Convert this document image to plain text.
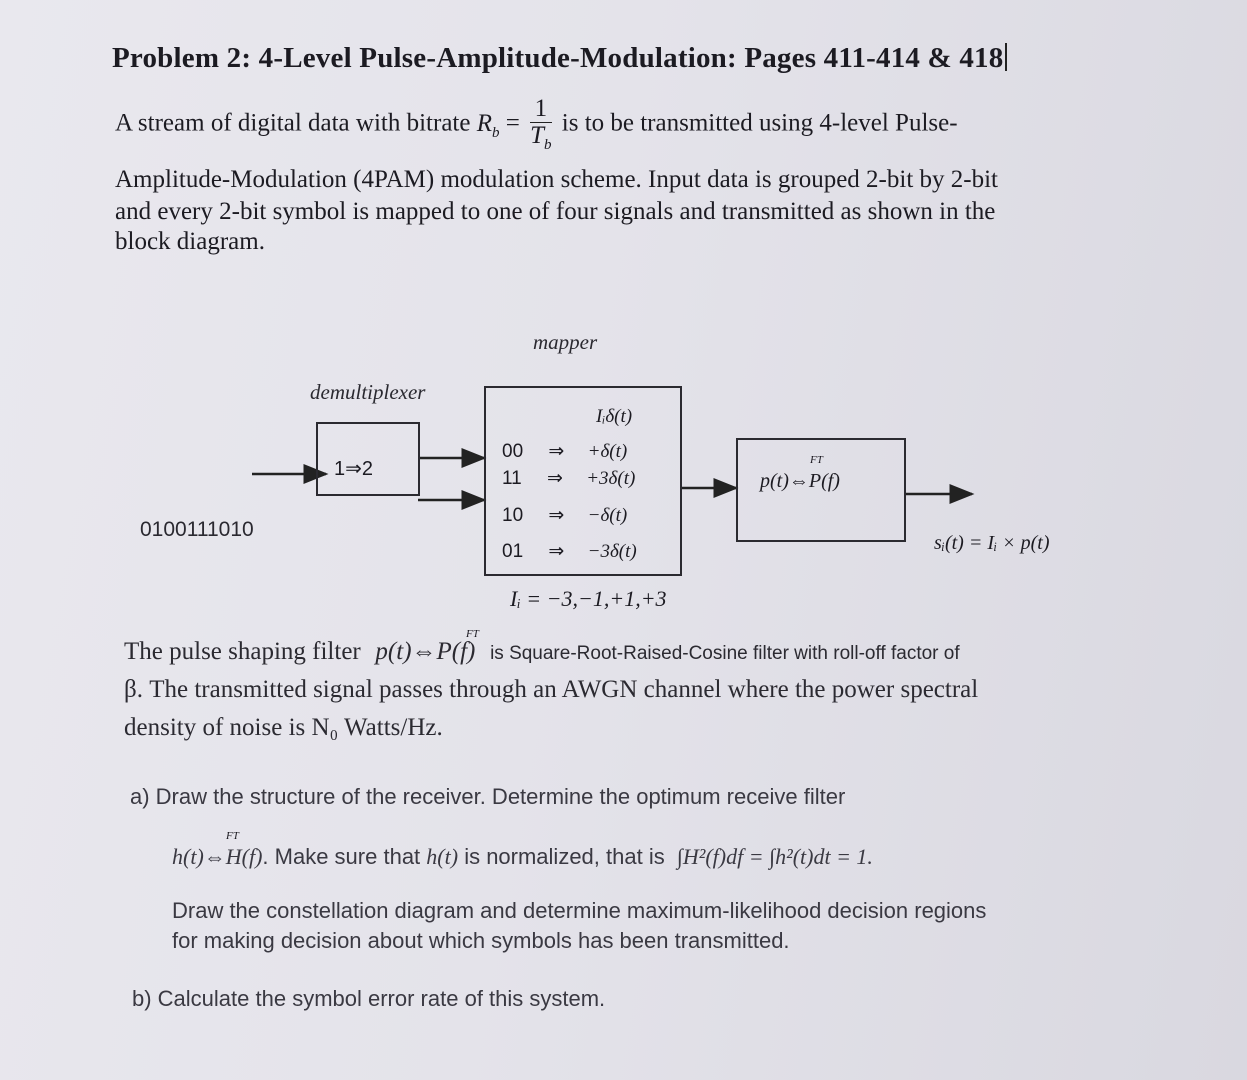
Problem 2: 4-Level Pulse-Amplitude-Modulation: Pages 411-414 & 418
A stream of digital data with bitrate $R_b = \frac{1}{T_b}$ is to be transmitted using 4-level Pulse-
Amplitude-Modulation (4PAM) modulation scheme. Input data is grouped 2-bit by 2-bit
and every 2-bit symbol is mapped to one of four signals and transmitted as shown in the
block diagram.
mapper
demultiplexer
0100111010
1⇒2
Iᵢδ(t)
00 ⇒ +δ(t)
11 ⇒ +3δ(t)
10 ⇒ −δ(t)
01 ⇒ −3δ(t)
FT
p(t)⇔P(f)
sᵢ(t) = Iᵢ × p(t)
Iᵢ = −3,−1,+1,+3
FT
The pulse shaping filter p(t)⇔P(f) is Square-Root-Raised-Cosine filter with roll-off factor of
β. The transmitted signal passes through an AWGN channel where the power spectral
density of noise is N₀ Watts/Hz.
a) Draw the structure of the receiver. Determine the optimum receive filter
FT
h(t)⇔H(f). Make sure that h(t) is normalized, that is ∫H²(f)df = ∫h²(t)dt = 1.
Draw the constellation diagram and determine maximum-likelihood decision regions
for making decision about which symbols has been transmitted.
b) Calculate the symbol error rate of this system.
